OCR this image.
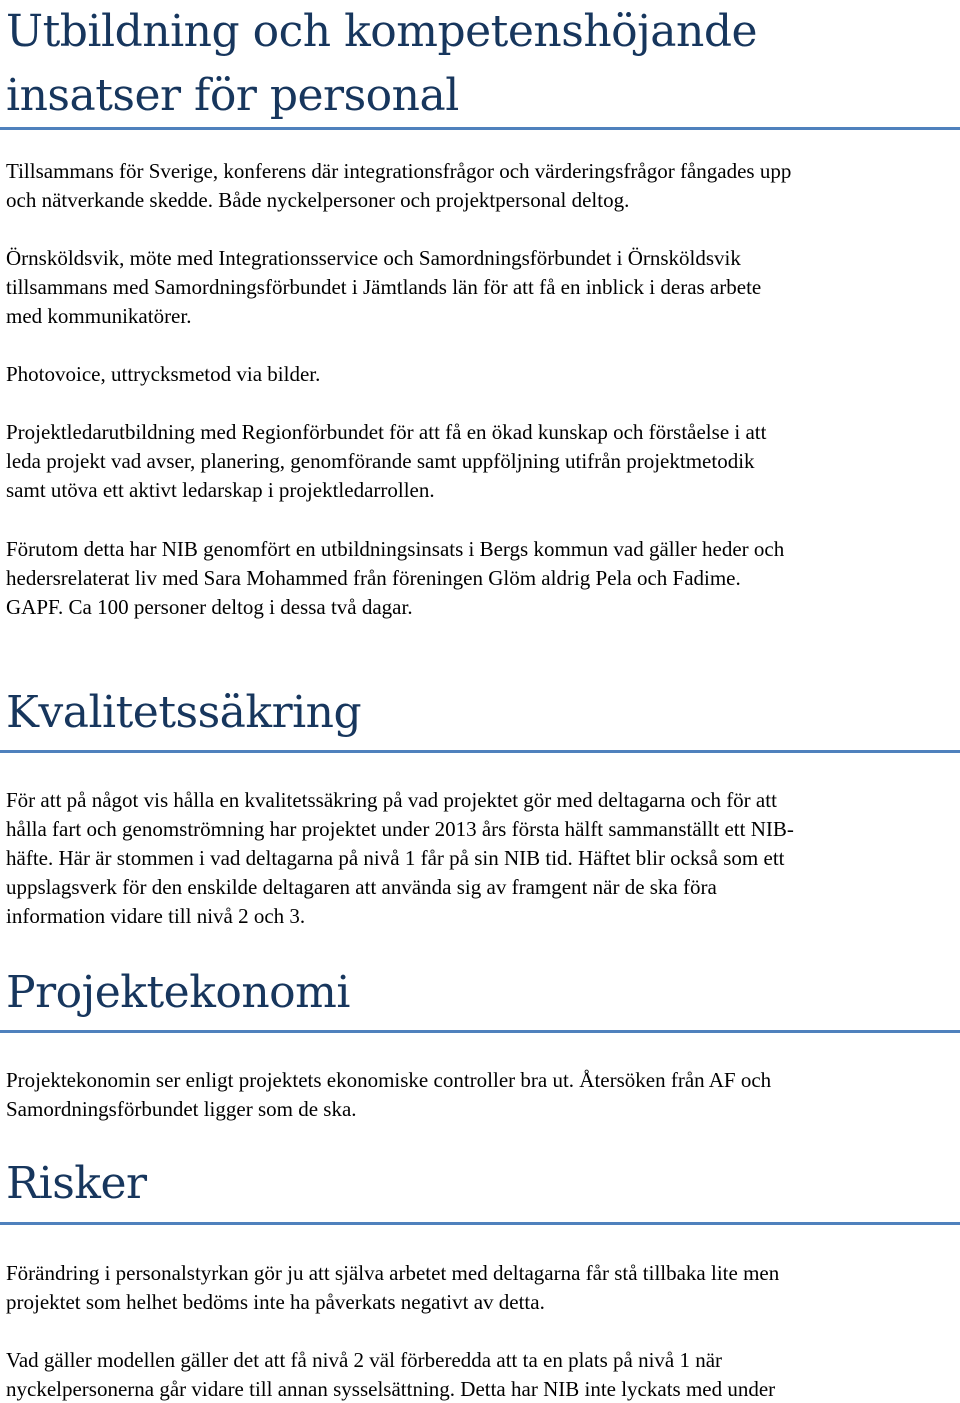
Utbildning och kompetenshöjande
insatser för personal

Tillsammans för Sverige, konferens där integrationsfrågor och värderingsfrågor fångades upp
och nätverkande skedde. Både nyckelpersoner och projektpersonal deltog.

Örnsköldsvik, möte med Integrationsservice och Samordningsförbundet i Örnsköldsvik
tillsammans med Samordningsförbundet i Jämtlands län för att få en inblick i deras arbete
med kommunikatörer.

Photovoice, uttrycksmetod via bilder.

Projektledarutbildning med Regionförbundet för att få en ökad kunskap och förståelse i att
leda projekt vad avser, planering, genomförande samt uppföljning utifrån projektmetodik
samt utöva ett aktivt ledarskap i projektledarrollen.

Förutom detta har NIB genomfört en utbildningsinsats i Bergs kommun vad gäller heder och
hedersrelaterat liv med Sara Mohammed från föreningen Glöm aldrig Pela och Fadime.
GAPF. Ca 100 personer deltog i dessa två dagar.

Kvalitetssäkring

För att på något vis hålla en kvalitetssäkring på vad projektet gör med deltagarna och för att
hålla fart och genomströmning har projektet under 2013 års första hälft sammanställt ett NIB-
häfte. Här är stommen i vad deltagarna på nivå 1 får på sin NIB tid. Häftet blir också som ett
uppslagsverk för den enskilde deltagaren att använda sig av framgent när de ska föra
information vidare till nivå 2 och 3.

Projektekonomi

Projektekonomin ser enligt projektets ekonomiske controller bra ut. Återsöken från AF och
Samordningsförbundet ligger som de ska.

Risker

Förändring i personalstyrkan gör ju att själva arbetet med deltagarna får stå tillbaka lite men
projektet som helhet bedöms inte ha påverkats negativt av detta.

Vad gäller modellen gäller det att få nivå 2 väl förberedda att ta en plats på nivå 1 när
nyckelpersonerna går vidare till annan sysselsättning. Detta har NIB inte lyckats med under
